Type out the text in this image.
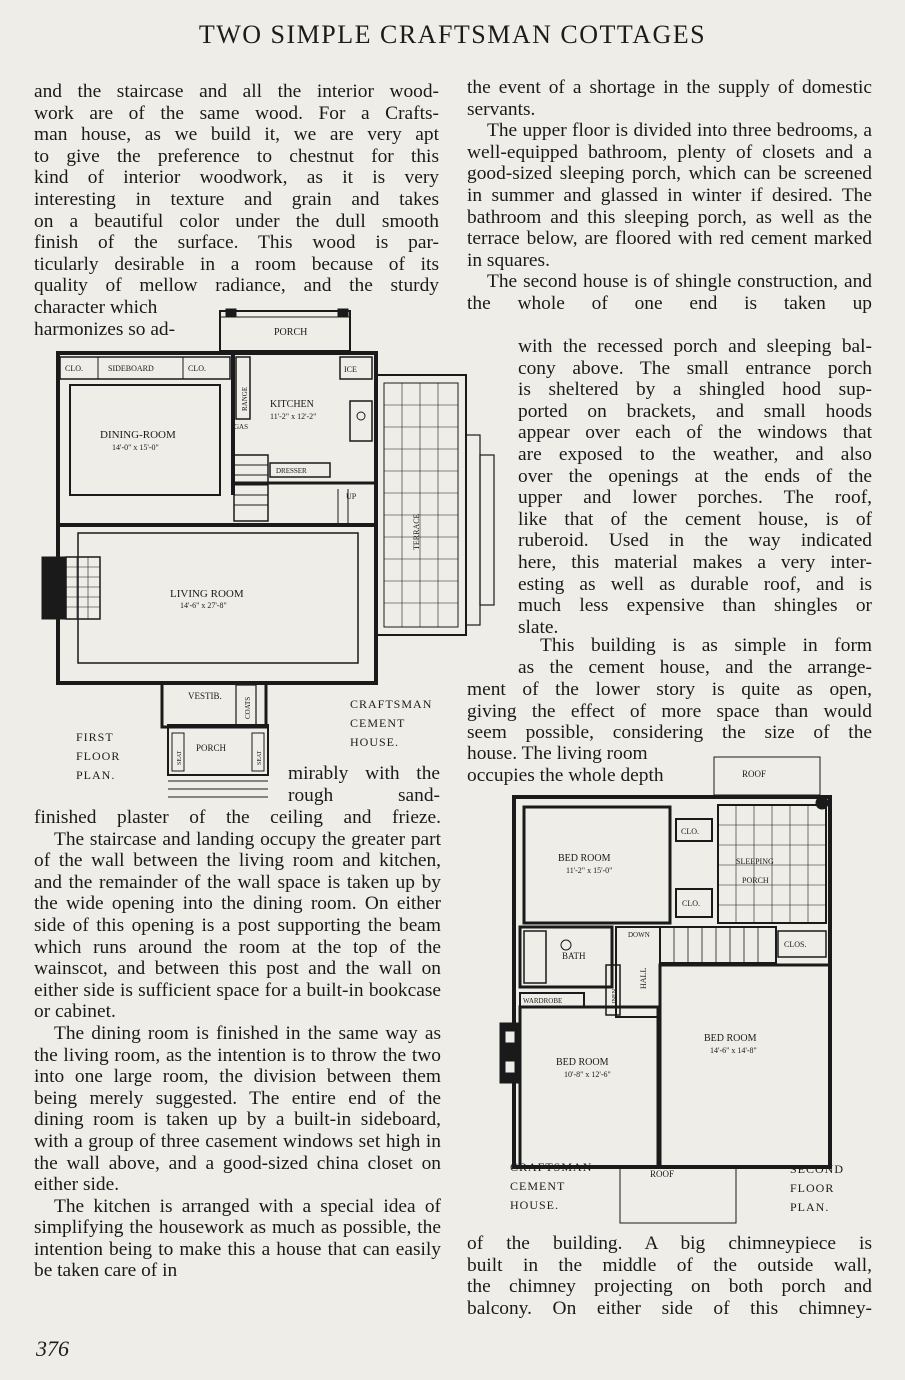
TWO SIMPLE CRAFTSMAN COTTAGES
and the staircase and all the interior wood-
work are of the same wood. For a Crafts-
man house, as we build it, we are very apt
to give the preference to chestnut for this
kind of interior woodwork, as it is very
interesting in texture and grain and takes
on a beautiful color under the dull smooth
finish of the surface. This wood is par-
ticularly desirable in a room because of its
quality of mellow radiance, and the sturdy
character which
harmonizes so ad-	PORCH
CLO.	SIDEBOARD	CLO.
RANGE
ICE
KITCHEN
11'-2" x 12'-2"
GAS
DINING-ROOM
14'-0" x 15'-0"
DRESSER
UP
TERRACE
LIVING ROOM
14'-6" x 27'-8"
VESTIB.
COATS
PORCH
SEAT	SEAT
FIRST
FLOOR
PLAN.
CRAFTSMAN
CEMENT
HOUSE.
mirably with the
rough sand-

finished plaster of the ceiling and frieze.

The staircase and landing occupy the greater part of the wall between the living room and kitchen, and the remainder of the wall space is taken up by the wide opening into the dining room. On either side of this opening is a post supporting the beam which runs around the room at the top of the wainscot, and between this post and the wall on either side is sufficient space for a built-in bookcase or cabinet.

The dining room is finished in the same way as the living room, as the intention is to throw the two into one large room, the division between them being merely suggested. The entire end of the dining room is taken up by a built-in sideboard, with a group of three casement windows set high in the wall above, and a good-sized china closet on either side.

The kitchen is arranged with a special idea of simplifying the housework as much as possible, the intention being to make this a house that can easily be taken care of in

the event of a shortage in the supply of domestic servants.

The upper floor is divided into three bedrooms, a well-equipped bathroom, plenty of closets and a good-sized sleeping porch, which can be screened in summer and glassed in winter if desired. The bathroom and this sleeping porch, as well as the terrace below, are floored with red cement marked in squares.

The second house is of shingle construction, and the whole of one end is taken up

with the recessed porch and sleeping bal-
cony above. The small entrance porch
is sheltered by a shingled hood sup-
ported on brackets, and small hoods
appear over each of the windows that
are exposed to the weather, and also
over the openings at the ends of the
upper and lower porches. The roof,
like that of the cement house, is of
ruberoid. Used in the way indicated
here, this material makes a very inter-
esting as well as durable roof, and is
much less expensive than shingles or
slate.
This building is as simple in form
as the cement house, and the arrange-
ment of the lower story is quite as open,
giving the effect of more space than would
seem possible, considering the size of the
house. The living room
occupies the whole depth	ROOF
BED ROOM
11'-2" x 15'-0"
CLO.
CLO.
SLEEPING
PORCH
DOWN
BATH
HALL
CLOS.
WARDROBE	LINEN
BED ROOM
10'-8" x 12'-6"
BED ROOM
14'-6" x 14'-8"
ROOF
CRAFTSMAN
CEMENT
HOUSE.
SECOND
FLOOR
PLAN.
of the building. A big chimneypiece is
built in the middle of the outside wall,
the chimney projecting on both porch and
balcony. On either side of this chimney-
376
